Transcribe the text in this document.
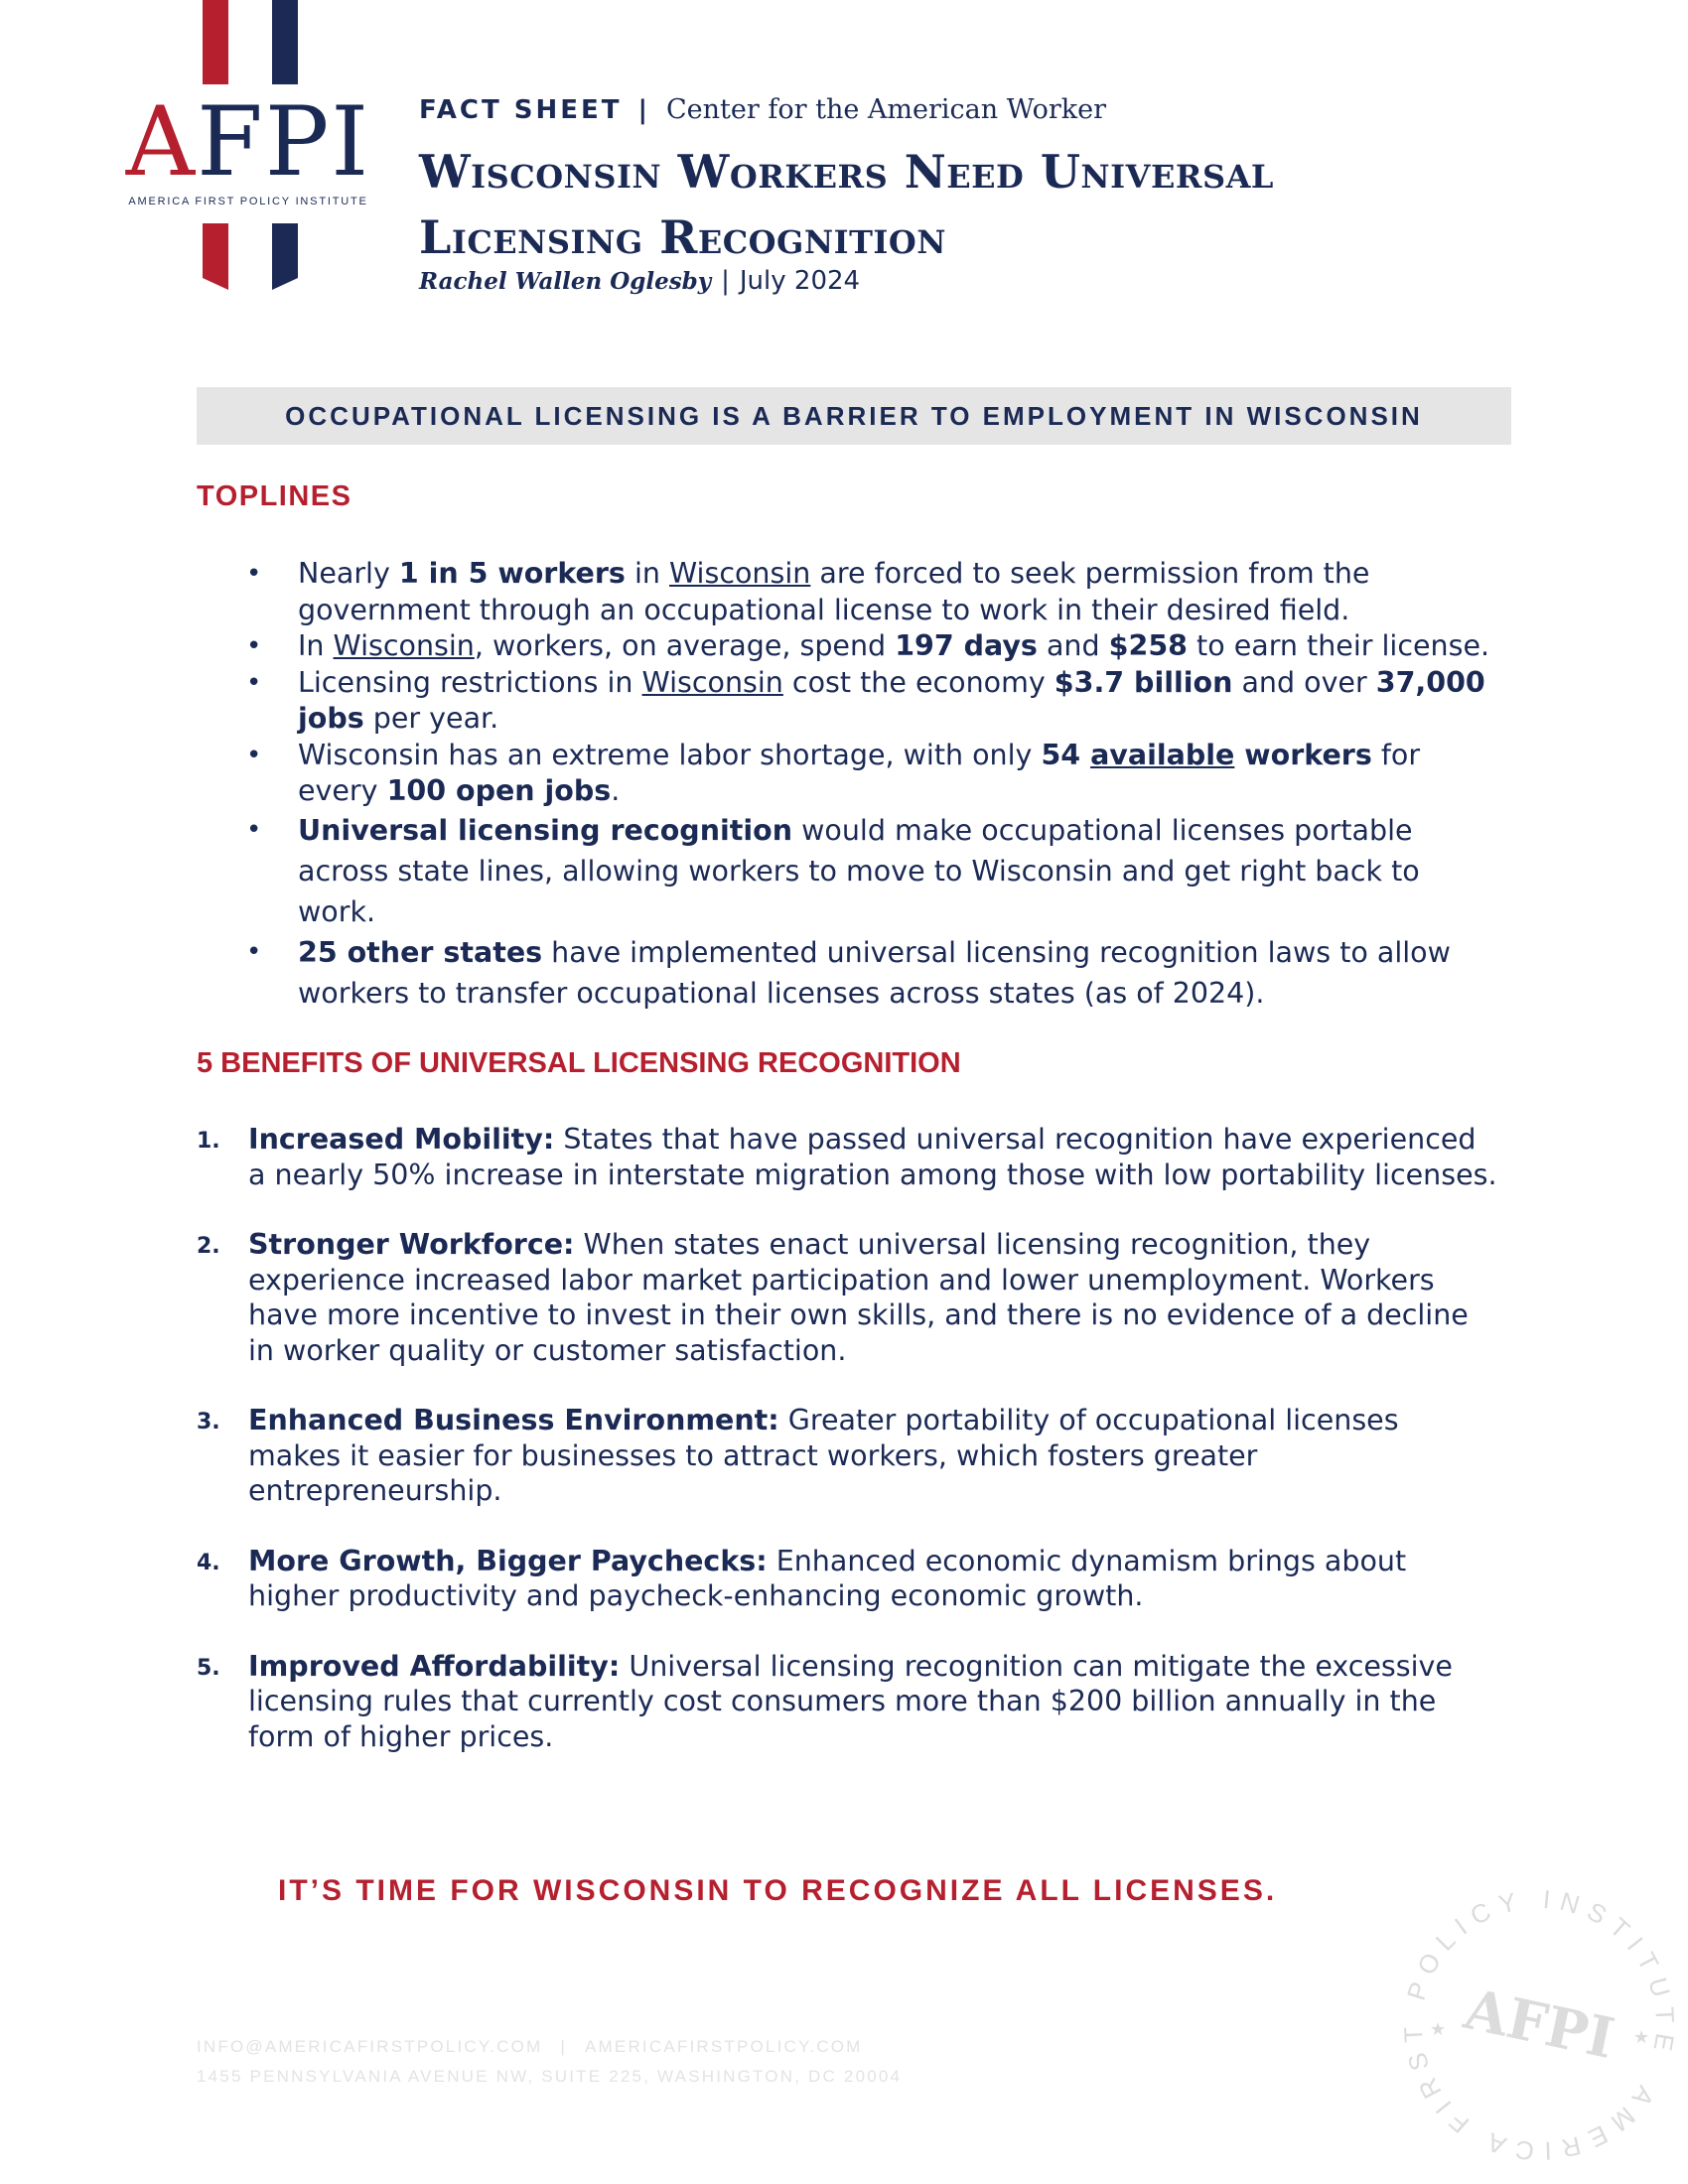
AFPI
AMERICA FIRST POLICY INSTITUTE
FACT SHEET | Center for the American Worker
Wisconsin Workers Need Universal
Licensing Recognition
Rachel Wallen Oglesby | July 2024
OCCUPATIONAL LICENSING IS A BARRIER TO EMPLOYMENT IN WISCONSIN
TOPLINES
• Nearly 1 in 5 workers in Wisconsin are forced to seek permission from the government through an occupational license to work in their desired field.
• In Wisconsin, workers, on average, spend 197 days and $258 to earn their license.
• Licensing restrictions in Wisconsin cost the economy $3.7 billion and over 37,000 jobs per year.
• Wisconsin has an extreme labor shortage, with only 54 available workers for every 100 open jobs.
• Universal licensing recognition would make occupational licenses portable across state lines, allowing workers to move to Wisconsin and get right back to work.
• 25 other states have implemented universal licensing recognition laws to allow workers to transfer occupational licenses across states (as of 2024).
5 BENEFITS OF UNIVERSAL LICENSING RECOGNITION
1. Increased Mobility: States that have passed universal recognition have experienced a nearly 50% increase in interstate migration among those with low portability licenses.
2. Stronger Workforce: When states enact universal licensing recognition, they experience increased labor market participation and lower unemployment. Workers have more incentive to invest in their own skills, and there is no evidence of a decline in worker quality or customer satisfaction.
3. Enhanced Business Environment: Greater portability of occupational licenses makes it easier for businesses to attract workers, which fosters greater entrepreneurship.
4. More Growth, Bigger Paychecks: Enhanced economic dynamism brings about higher productivity and paycheck-enhancing economic growth.
5. Improved Affordability: Universal licensing recognition can mitigate the excessive licensing rules that currently cost consumers more than $200 billion annually in the form of higher prices.
IT’S TIME FOR WISCONSIN TO RECOGNIZE ALL LICENSES.
INFO@AMERICAFIRSTPOLICY.COM | AMERICAFIRSTPOLICY.COM
1455 PENNSYLVANIA AVENUE NW, SUITE 225, WASHINGTON, DC 20004
AMERICA FIRST POLICY INSTITUTE
AFPI
★	★
